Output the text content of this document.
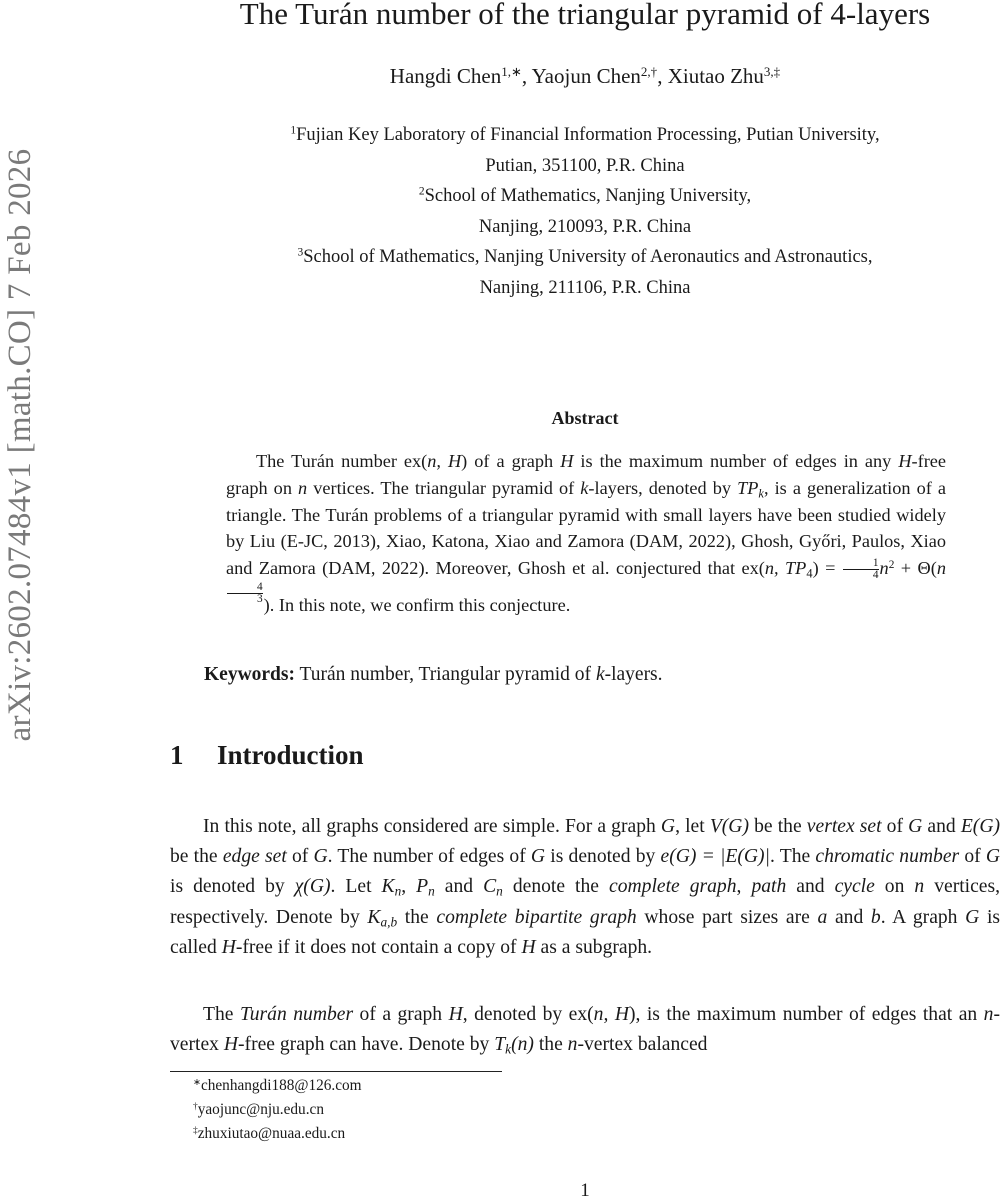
arXiv:2602.07484v1 [math.CO] 7 Feb 2026
The Turán number of the triangular pyramid of 4-layers
Hangdi Chen$^{1,∗}$, Yaojun Chen$^{2,\dagger}$, Xiutao Zhu$^{3,\ddagger}$
$^1$Fujian Key Laboratory of Financial Information Processing, Putian University,
Putian, 351100, P.R. China
$^2$School of Mathematics, Nanjing University,
Nanjing, 210093, P.R. China
$^3$School of Mathematics, Nanjing University of Aeronautics and Astronautics,
Nanjing, 211106, P.R. China
Abstract
The Turán number ex(n, H) of a graph H is the maximum number of edges in any H-free graph on n vertices. The triangular pyramid of k-layers, denoted by $TP_k$, is a generalization of a triangle. The Turán problems of a triangular pyramid with small layers have been studied widely by Liu (E-JC, 2013), Xiao, Katona, Xiao and Zamora (DAM, 2022), Ghosh, Győri, Paulos, Xiao and Zamora (DAM, 2022). Moreover, Ghosh et al. conjectured that ex(n, $TP_4) = \frac{1}{4} n^2 + \Theta(n$
$^{\frac{4}{3}}$ ). In this note, we confirm this conjecture.
Keywords: Turán number, Triangular pyramid of k-layers.
1 Introduction

In this note, all graphs considered are simple. For a graph G, let V(G) be the vertex set of G and E(G) be the edge set of G. The number of edges of G is denoted by e(G) = |E(G)|. The chromatic number of G is denoted by χ(G). Let $K_n$, $P_n$ and $C_n$ denote the complete graph, path and cycle on n vertices, respectively. Denote by $K_{a,b}$ the complete bipartite graph whose part sizes are a and b. A graph G is called H-free if it does not contain a copy of H as a subgraph.

The Turán number of a graph H, denoted by ex(n, H), is the maximum number of edges that an n-vertex H-free graph can have. Denote by $T_k(n)$ the n-vertex balanced

∗chenhangdi188@126.com
†yaojunc@nju.edu.cn
‡zhuxiutao@nuaa.edu.cn
1
